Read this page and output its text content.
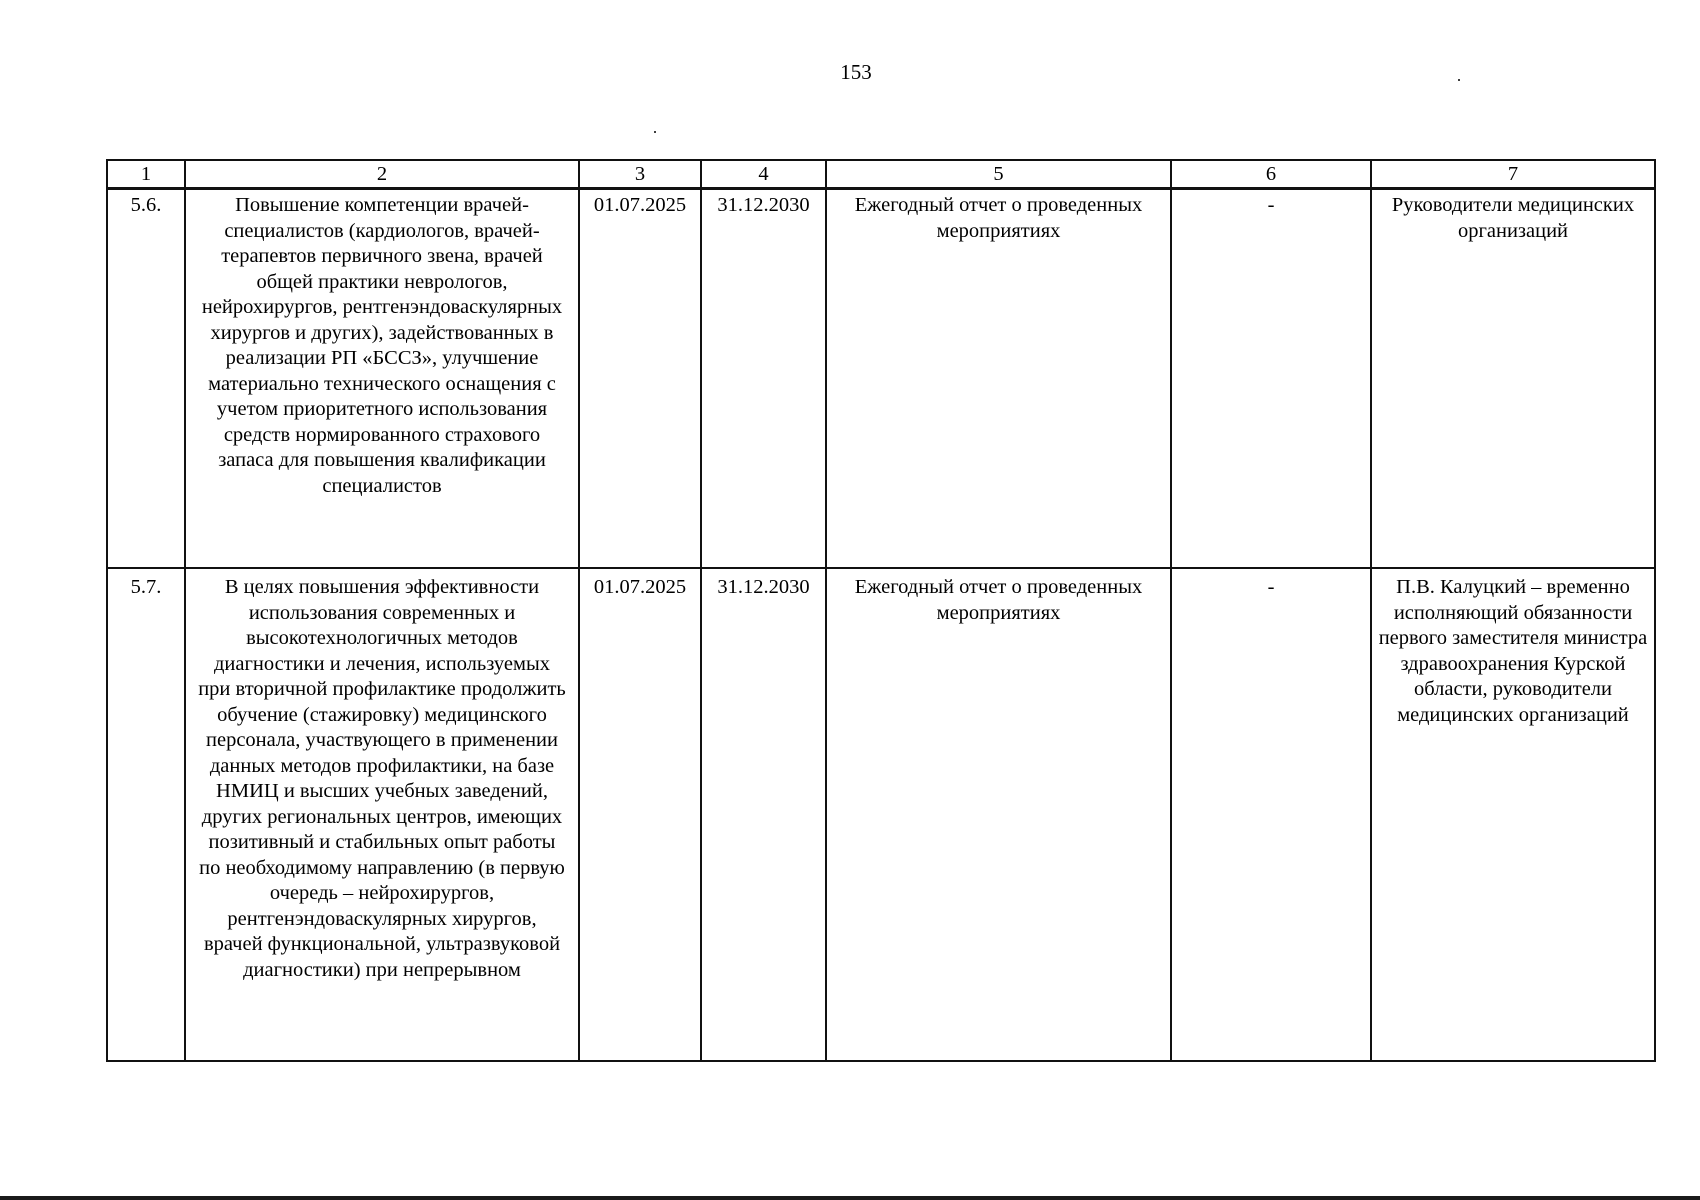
153
1	2	3	4	5	6	7
5.6.	Повышение компетенции врачей-специалистов (кардиологов, врачей-терапевтов первичного звена, врачей общей практики неврологов, нейрохирургов, рентгенэндоваскулярных хирургов и других), задействованных в реализации РП «БССЗ», улучшение материально технического оснащения с учетом приоритетного использования средств нормированного страхового запаса для повышения квалификации специалистов	01.07.2025	31.12.2030	Ежегодный отчет о проведенных мероприятиях	-	Руководители медицинских организаций
5.7.	В целях повышения эффективности использования современных и высокотехнологичных методов диагностики и лечения, используемых при вторичной профилактике продолжить обучение (стажировку) медицинского персонала, участвующего в применении данных методов профилактики, на базе НМИЦ и высших учебных заведений, других региональных центров, имеющих позитивный и стабильных опыт работы по необходимому направлению (в первую очередь – нейрохирургов, рентгенэндоваскулярных хирургов, врачей функциональной, ультразвуковой диагностики) при непрерывном	01.07.2025	31.12.2030	Ежегодный отчет о проведенных мероприятиях	-	П.В. Калуцкий – временно исполняющий обязанности первого заместителя министра здравоохранения Курской области, руководители медицинских организаций
